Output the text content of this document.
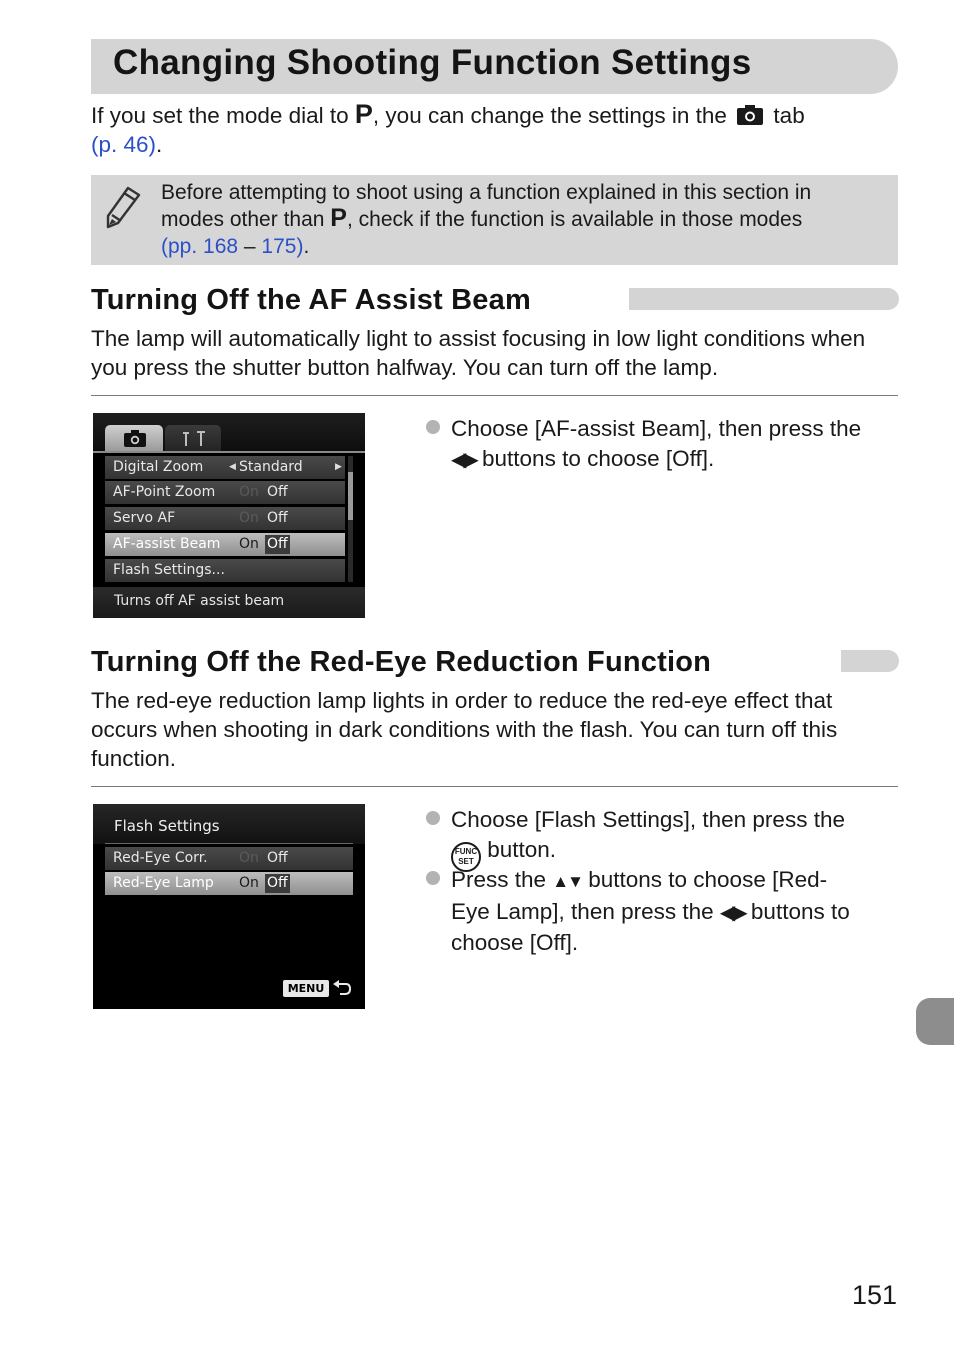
Changing Shooting Function Settings
If you set the mode dial to P, you can change the settings in the  tab
(p. 46).
Before attempting to shoot using a function explained in this section in
modes other than P, check if the function is available in those modes
(pp. 168 – 175).
Turning Off the AF Assist Beam
The lamp will automatically light to assist focusing in low light conditions when you press the shutter button halfway. You can turn off the lamp.
Digital Zoom	◀ Standard	▶
AF-Point Zoom On Off
Servo AF	On Off
AF-assist Beam On Off
Flash Settings...
Turns off AF assist beam
Choose [AF-assist Beam], then press the
◀▶ buttons to choose [Off].
Turning Off the Red-Eye Reduction Function
The red-eye reduction lamp lights in order to reduce the red-eye effect that occurs when shooting in dark conditions with the flash. You can turn off this function.
Flash Settings
Red-Eye Corr. On Off
Red-Eye Lamp On Off
MENU
Choose [Flash Settings], then press the
FUNC
SET button.
Press the ▲▼ buttons to choose [Red-
Eye Lamp], then press the ◀▶ buttons to
choose [Off].
151
